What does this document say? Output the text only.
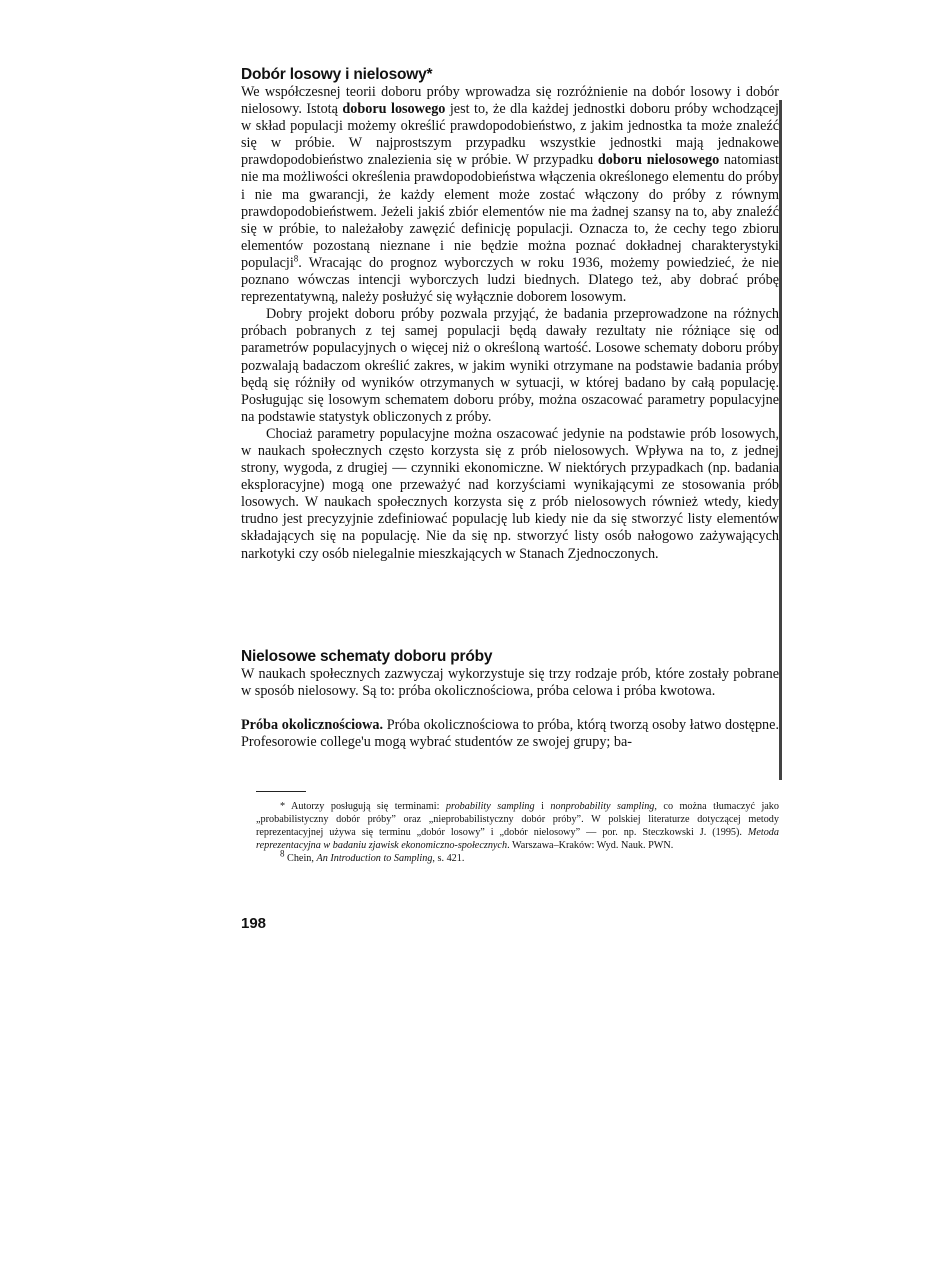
Dobór losowy i nielosowy*

We współczesnej teorii doboru próby wprowadza się rozróżnienie na dobór losowy i dobór nielosowy. Istotą doboru losowego jest to, że dla każdej jednostki doboru próby wchodzącej w skład populacji możemy określić prawdopodobieństwo, z jakim jednostka ta może znaleźć się w próbie. W najprostszym przypadku wszystkie jednostki mają jednakowe prawdopodobieństwo znalezienia się w próbie. W przypadku doboru nielosowego natomiast nie ma możliwości określenia prawdopodobieństwa włączenia określonego elementu do próby i nie ma gwarancji, że każdy element może zostać włączony do próby z równym prawdopodobieństwem. Jeżeli jakiś zbiór elementów nie ma żadnej szansy na to, aby znaleźć się w próbie, to należałoby zawęzić definicję populacji. Oznacza to, że cechy tego zbioru elementów pozostaną nieznane i nie będzie można poznać dokładnej charakterystyki populacji$^8$. Wracając do prognoz wyborczych w roku 1936, możemy powiedzieć, że nie poznano wówczas intencji wyborczych ludzi biednych. Dlatego też, aby dobrać próbę reprezentatywną, należy posłużyć się wyłącznie doborem losowym.

Dobry projekt doboru próby pozwala przyjąć, że badania przeprowadzone na różnych próbach pobranych z tej samej populacji będą dawały rezultaty nie różniące się od parametrów populacyjnych o więcej niż o określoną wartość. Losowe schematy doboru próby pozwalają badaczom określić zakres, w jakim wyniki otrzymane na podstawie badania próby będą się różniły od wyników otrzymanych w sytuacji, w której badano by całą populację. Posługując się losowym schematem doboru próby, można oszacować parametry populacyjne na podstawie statystyk obliczonych z próby.

Chociaż parametry populacyjne można oszacować jedynie na podstawie prób losowych, w naukach społecznych często korzysta się z prób nielosowych. Wpływa na to, z jednej strony, wygoda, z drugiej — czynniki ekonomiczne. W niektórych przypadkach (np. badania eksploracyjne) mogą one przeważyć nad korzyściami wynikającymi ze stosowania prób losowych. W naukach społecznych korzysta się z prób nielosowych również wtedy, kiedy trudno jest precyzyjnie zdefiniować populację lub kiedy nie da się stworzyć listy elementów składających się na populację. Nie da się np. stworzyć listy osób nałogowo zażywających narkotyki czy osób nielegalnie mieszkających w Stanach Zjednoczonych.

Nielosowe schematy doboru próby

W naukach społecznych zazwyczaj wykorzystuje się trzy rodzaje prób, które zostały pobrane w sposób nielosowy. Są to: próba okolicznościowa, próba celowa i próba kwotowa.

Próba okolicznościowa. Próba okolicznościowa to próba, którą tworzą osoby łatwo dostępne. Profesorowie college'u mogą wybrać studentów ze swojej grupy; ba-

* Autorzy posługują się terminami: probability sampling i nonprobability sampling, co można tłumaczyć jako „probabilistyczny dobór próby” oraz „nieprobabilistyczny dobór próby”. W polskiej literaturze dotyczącej metody reprezentacyjnej używa się terminu „dobór losowy” i „dobór nielosowy” — por. np. Steczkowski J. (1995). Metoda reprezentacyjna w badaniu zjawisk ekonomiczno-społecznych. Warszawa–Kraków: Wyd. Nauk. PWN.

$^8$ Chein, An Introduction to Sampling, s. 421.

198
